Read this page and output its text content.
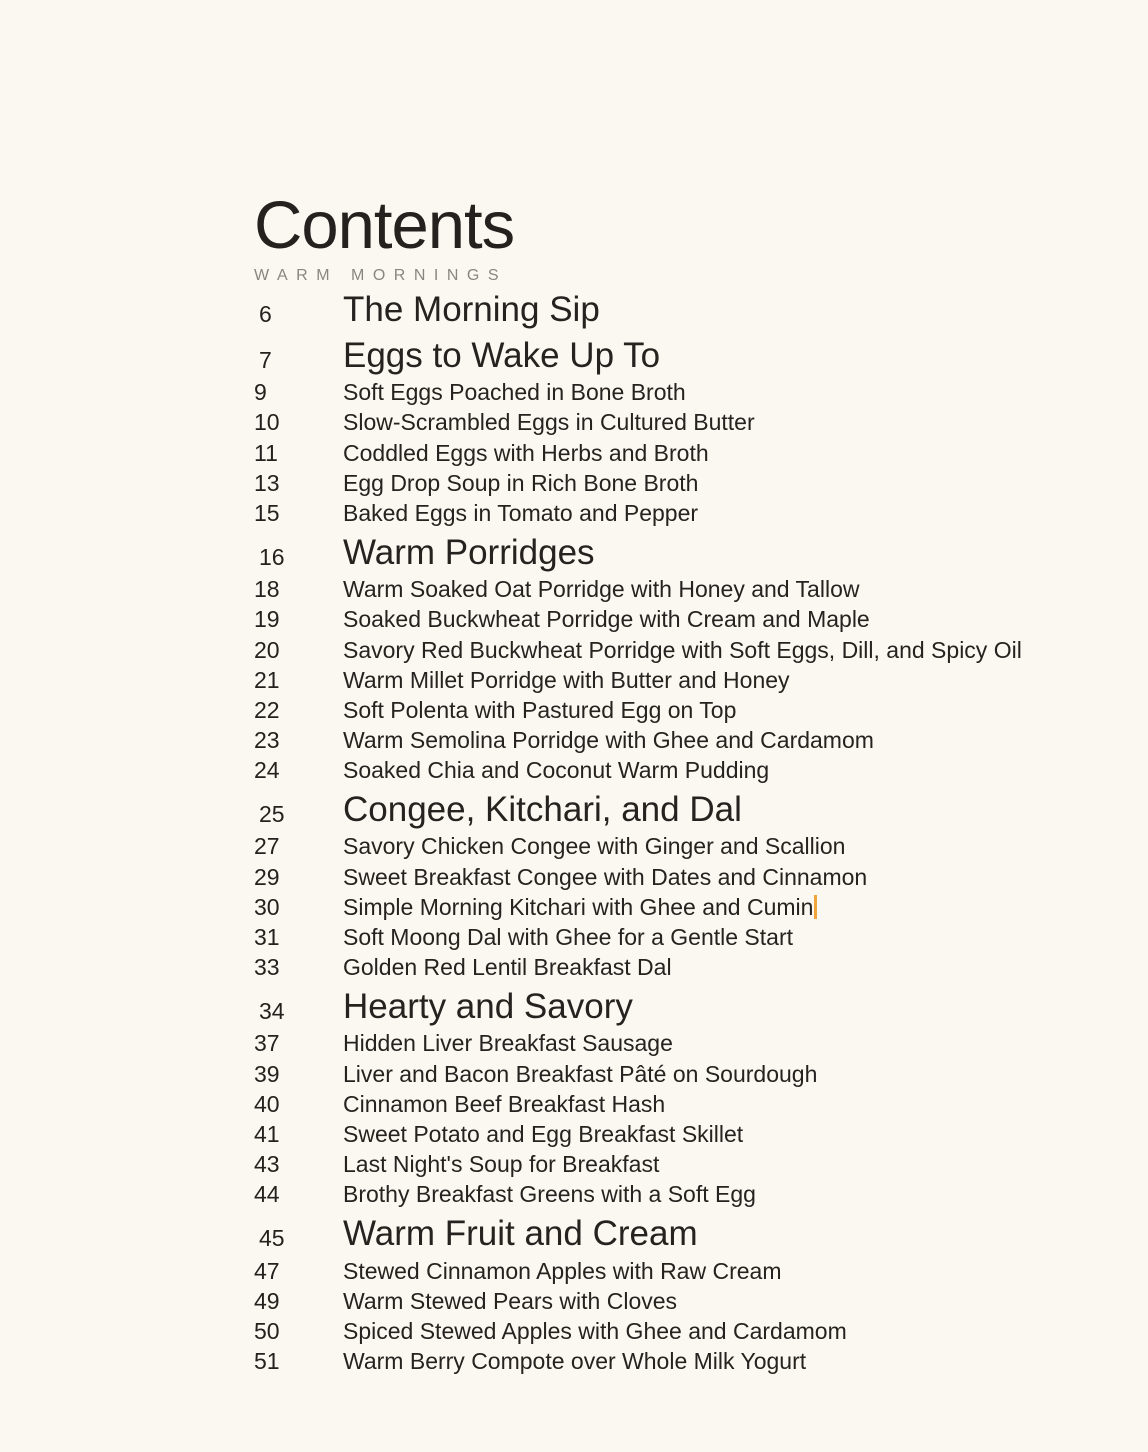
Contents
WARM MORNINGS
6	The Morning Sip
7	Eggs to Wake Up To
9	Soft Eggs Poached in Bone Broth
10	Slow-Scrambled Eggs in Cultured Butter
11	Coddled Eggs with Herbs and Broth
13	Egg Drop Soup in Rich Bone Broth
15	Baked Eggs in Tomato and Pepper
16	Warm Porridges
18	Warm Soaked Oat Porridge with Honey and Tallow
19	Soaked Buckwheat Porridge with Cream and Maple
20	Savory Red Buckwheat Porridge with Soft Eggs, Dill, and Spicy Oil
21	Warm Millet Porridge with Butter and Honey
22	Soft Polenta with Pastured Egg on Top
23	Warm Semolina Porridge with Ghee and Cardamom
24	Soaked Chia and Coconut Warm Pudding
25	Congee, Kitchari, and Dal
27	Savory Chicken Congee with Ginger and Scallion
29	Sweet Breakfast Congee with Dates and Cinnamon
30	Simple Morning Kitchari with Ghee and Cumin
31	Soft Moong Dal with Ghee for a Gentle Start
33	Golden Red Lentil Breakfast Dal
34	Hearty and Savory
37	Hidden Liver Breakfast Sausage
39	Liver and Bacon Breakfast Pâté on Sourdough
40	Cinnamon Beef Breakfast Hash
41	Sweet Potato and Egg Breakfast Skillet
43	Last Night's Soup for Breakfast
44	Brothy Breakfast Greens with a Soft Egg
45	Warm Fruit and Cream
47	Stewed Cinnamon Apples with Raw Cream
49	Warm Stewed Pears with Cloves
50	Spiced Stewed Apples with Ghee and Cardamom
51	Warm Berry Compote over Whole Milk Yogurt
